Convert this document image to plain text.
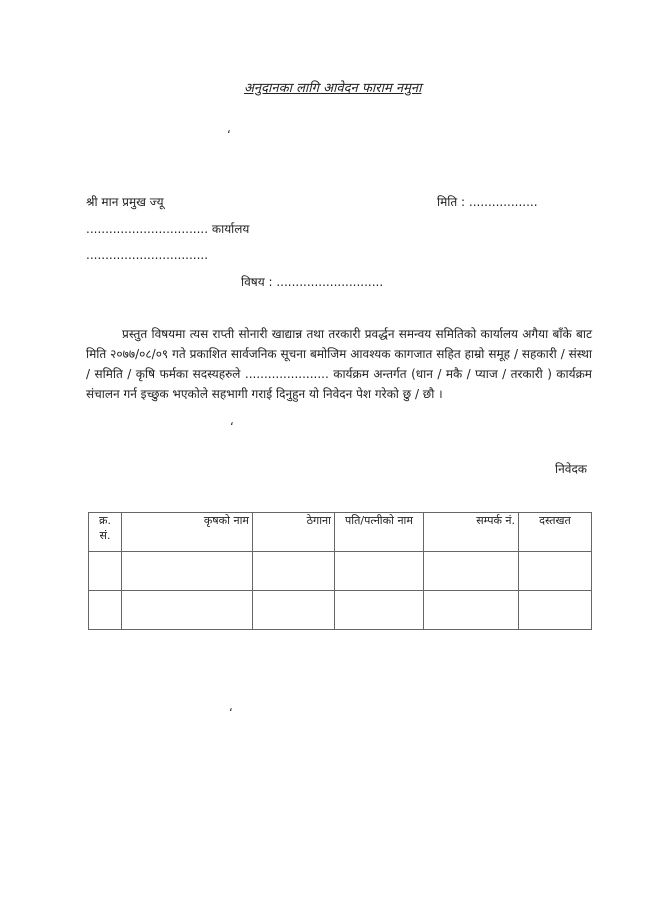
अनुदानका लागि आवेदन फाराम नमुना
‘
श्री मान प्रमुख ज्यू	मिति : ..................
................................ कार्यालय
................................
विषय : ............................

प्रस्तुत विषयमा त्यस राप्ती सोनारी खाद्यान्न तथा तरकारी प्रवर्द्धन समन्वय समितिको कार्यालय अगैया बाँके बाट मिति २०७७/०८/०९ गते प्रकाशित सार्वजनिक सूचना बमोजिम आवश्यक कागजात सहित हाम्रो समूह / सहकारी / संस्था / समिति / कृषि फर्मका सदस्यहरुले ...................... कार्यक्रम अन्तर्गत (धान / मकै / प्याज / तरकारी ) कार्यक्रम संचालन गर्न इच्छुक भएकोले सहभागी गराई दिनुहुन यो निवेदन पेश गरेको छु / छौ ।

‘
निवेदक
क्र. सं.	कृषको नाम	ठेगाना	पति/पत्नीको नाम	सम्पर्क नं.	दस्तखत

‘
